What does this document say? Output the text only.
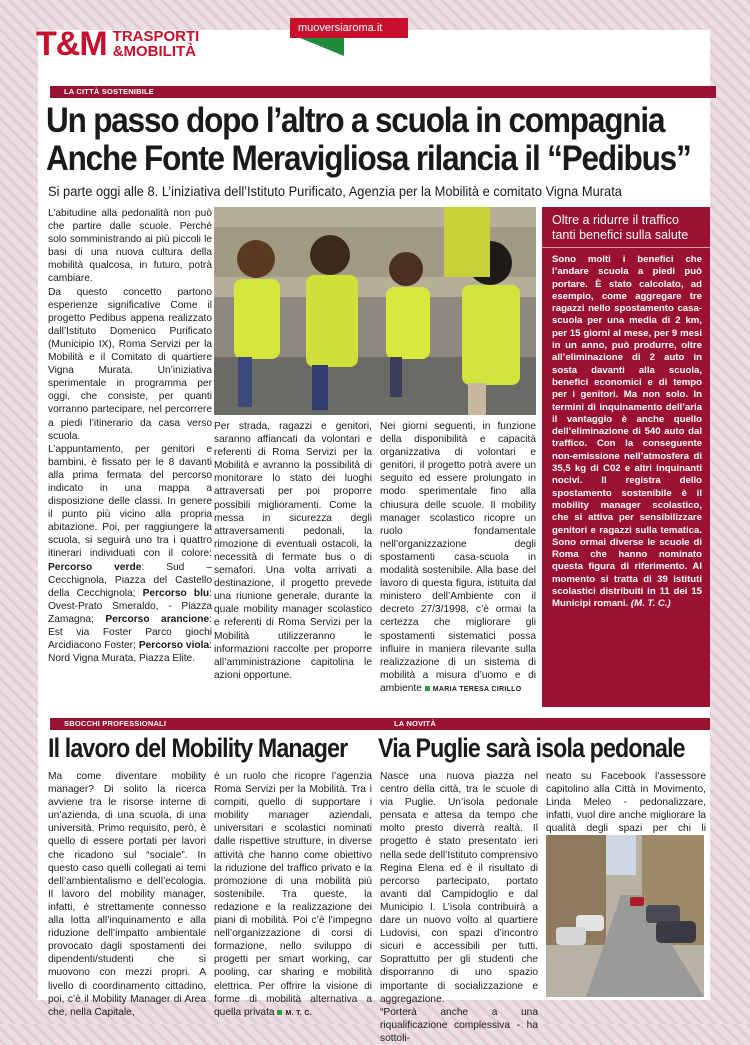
T&M TRASPORTI
&MOBILITÀ
muoversiaroma.it
LA CITTÀ SOSTENIBILE
Un passo dopo l’altro a scuola in compagnia
Anche Fonte Meravigliosa rilancia il “Pedibus”
Si parte oggi alle 8. L’iniziativa dell’Istituto Purificato, Agenzia per la Mobilità e comitato Vigna Murata

L’abitudine alla pedonalità non può che partire dalle scuole. Perché solo somministrando ai più piccoli le basi di una nuova cultura della mobilità qualcosa, in futuro, potrà cambiare.

Da questo concetto partono esperienze significative Come il progetto Pedibus appena realizzato dall’Istituto Domenico Purificato (Municipio IX), Roma Servizi per la Mobilità e il Comitato di quartiere Vigna Murata. Un’iniziativa sperimentale in programma per oggi, che consiste, per quanti vorranno partecipare, nel percorrere a piedi l’itinerario da casa verso scuola.

L’appuntamento, per genitori e bambini, è fissato per le 8 davanti alla prima fermata del percorso indicato in una mappa a disposizione delle classi. In genere il punto più vicino alla propria abitazione. Poi, per raggiungere la scuola, si seguirà uno tra i quattro itinerari individuati con il colore: Percorso verde: Sud – Cecchignola, Piazza del Castello della Cecchignola; Percorso blu: Ovest-Prato Smeraldo, - Piazza Zamagna; Percorso arancione: Est via Foster Parco giochi Arcidiacono Foster; Percorso viola: Nord Vigna Murata, Piazza Elite.

Per strada, ragazzi e genitori, saranno affiancati da volontari e referenti di Roma Servizi per la Mobilità e avranno la possibilità di monitorare lo stato dei luoghi attraversati per poi proporre possibili miglioramenti. Come la messa in sicurezza degli attraversamenti pedonali, la rimozione di eventuali ostacoli, la necessità di fermate bus o di semafori. Una volta arrivati a destinazione, il progetto prevede una riunione generale, durante la quale mobility manager scolastico e referenti di Roma Servizi per la Mobilità utilizzeranno le informazioni raccolte per proporre all’amministrazione capitolina le azioni opportune.

Nei giorni seguenti, in funzione della disponibilità e capacità organizzativa di volontari e genitori, il progetto potrà avere un seguito ed essere prolungato in modo sperimentale fino alla chiusura delle scuole. Il mobility manager scolastico ricopre un ruolo fondamentale nell’organizzazione degli spostamenti casa-scuola in modalità sostenibile. Alla base del lavoro di questa figura, istituita dal ministero dell’Ambiente con il decreto 27/3/1998, c’è ormai la certezza che migliorare gli spostamenti sistematici possa influire in maniera rilevante sulla realizzazione di un sistema di mobilità a misura d’uomo e di ambiente MARIA TERESA CIRILLO

Oltre a ridurre il traffico tanti benefici sulla salute
Sono molti i benefici che l’andare scuola a piedi può portare. È stato calcolato, ad esempio, come aggregare tre ragazzi nello spostamento casa-scuola per una media di 2 km, per 15 giorni al mese, per 9 mesi in un anno, può produrre, oltre all’eliminazione di 2 auto in sosta davanti alla scuola, benefici economici e di tempo per i genitori. Ma non solo. In termini di inquinamento dell’aria il vantaggio è anche quello dell’eliminazione di 540 auto dal traffico. Con la conseguente non-emissione nell’atmosfera di 35,5 kg di C02 e altri inquinanti nocivi. Il registra dello spostamento sostenibile è il mobility manager scolastico, che si attiva per sensibilizzare genitori e ragazzi sulla tematica. Sono ormai diverse le scuole di Roma che hanno nominato questa figura di riferimento. Al momento si tratta di 39 istituti scolastici distribuiti in 11 dei 15 Municipi romani. (M. T. C.)
SBOCCHI PROFESSIONALI
Il lavoro del Mobility Manager

Ma come diventare mobility manager? Di solito la ricerca avviene tra le risorse interne di un’azienda, di una scuola, di una università. Primo requisito, però, è quello di essere portati per lavori che ricadono sul “sociale”. In questo caso quelli collegati ai temi dell’ambientalismo e dell’ecologia. Il lavoro del mobility manager, infatti, è strettamente connesso alla lotta all’inquinamento e alla riduzione dell’impatto ambientale provocato dagli spostamenti dei dipendenti/studenti che si muovono con mezzi propri. A livello di coordinamento cittadino, poi, c’è il Mobility Manager di Area che, nella Capitale,

è un ruolo che ricopre l’agenzia Roma Servizi per la Mobilità. Tra i compiti, quello di supportare i mobility manager aziendali, universitari e scolastici nominati dalle rispettive strutture, in diverse attività che hanno come obiettivo la riduzione del traffico privato e la promozione di una mobilità più sostenibile. Tra queste, la redazione e la realizzazione dei piani di mobilità. Poi c’è l’impegno nell’organizzazione di corsi di formazione, nello sviluppo di progetti per smart working, car pooling, car sharing e mobilità elettrica. Per offrire la visione di forme di mobilità alternativa a quella privata M. T. C.

LA NOVITÀ
Via Puglie sarà isola pedonale

Nasce una nuova piazza nel centro della città, tra le scuole di via Puglie. Un’isola pedonale pensata e attesa da tempo che molto presto diverrà realtà. Il progetto è stato presentato ieri nella sede dell’Istituto comprensivo Regina Elena ed è il risultato di percorso partecipato, portato avanti dal Campidoglio e dal Municipio I. L’isola contribuirà a dare un nuovo volto al quartiere Ludovisi, con spazi d’incontro sicuri e accessibili per tutti. Soprattutto per gli studenti che disporranno di uno spazio importante di socializzazione e aggregazione.

“Porterà anche a una riqualificazione complessiva - ha sottoli-

neato su Facebook l’assessore capitolino alla Città in Movimento, Linda Meleo - pedonalizzare, infatti, vuol dire anche migliorare la qualità degli spazi per chi li
